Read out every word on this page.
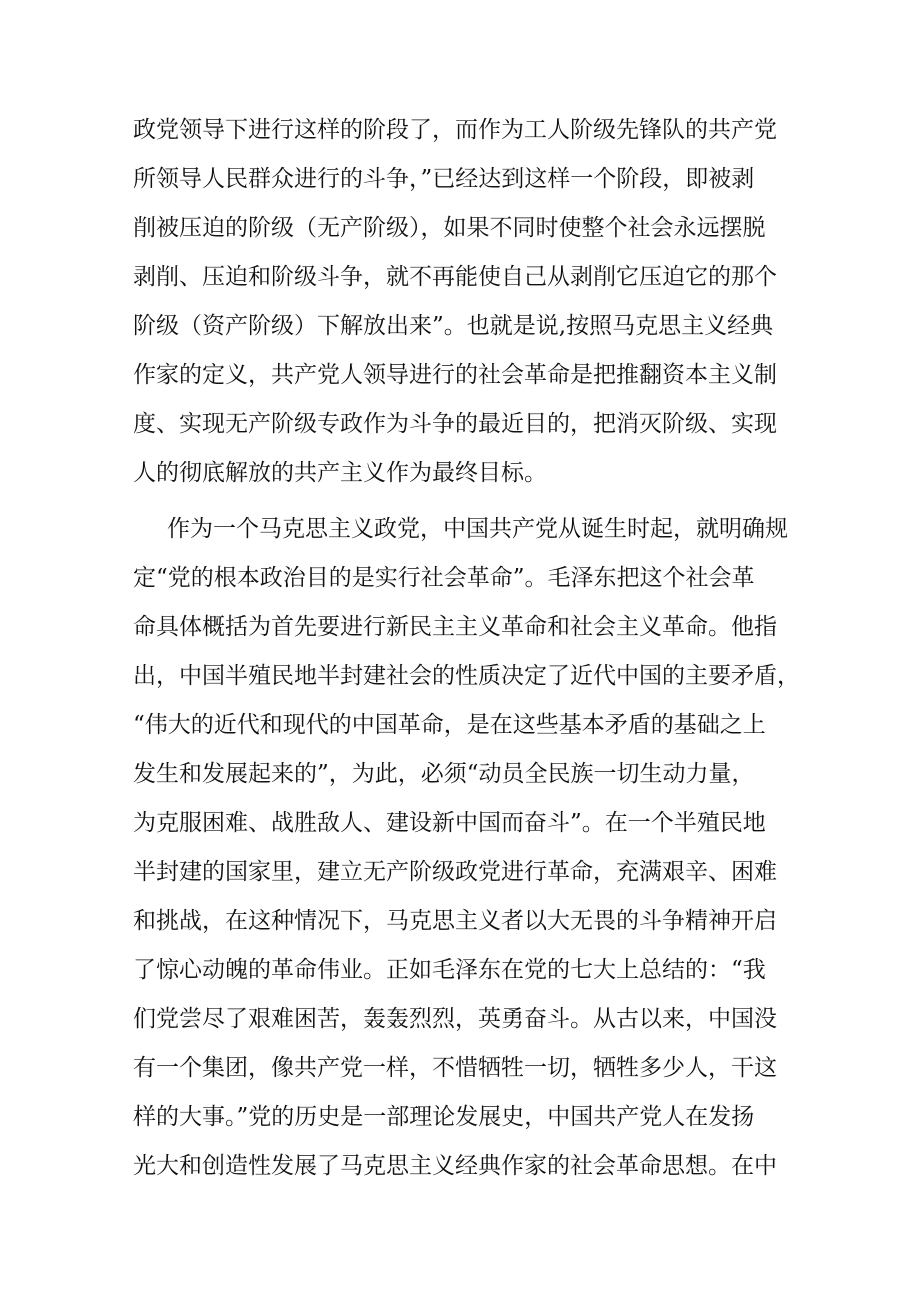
政党领导下进行这样的阶段了，而作为工人阶级先锋队的共产党
所领导人民群众进行的斗争，”已经达到这样一个阶段，即被剥
削被压迫的阶级（无产阶级），如果不同时使整个社会永远摆脱
剥削、压迫和阶级斗争，就不再能使自己从剥削它压迫它的那个
阶级（资产阶级）下解放出来”。也就是说,按照马克思主义经典
作家的定义，共产党人领导进行的社会革命是把推翻资本主义制
度、实现无产阶级专政作为斗争的最近目的，把消灭阶级、实现
人的彻底解放的共产主义作为最终目标。
作为一个马克思主义政党，中国共产党从诞生时起，就明确规
定“党的根本政治目的是实行社会革命”。毛泽东把这个社会革
命具体概括为首先要进行新民主主义革命和社会主义革命。他指
出，中国半殖民地半封建社会的性质决定了近代中国的主要矛盾，
“伟大的近代和现代的中国革命，是在这些基本矛盾的基础之上
发生和发展起来的”，为此，必须“动员全民族一切生动力量，
为克服困难、战胜敌人、建设新中国而奋斗”。在一个半殖民地
半封建的国家里，建立无产阶级政党进行革命，充满艰辛、困难
和挑战，在这种情况下，马克思主义者以大无畏的斗争精神开启
了惊心动魄的革命伟业。正如毛泽东在党的七大上总结的：“我
们党尝尽了艰难困苦，轰轰烈烈，英勇奋斗。从古以来，中国没
有一个集团，像共产党一样，不惜牺牲一切，牺牲多少人，干这
样的大事。”党的历史是一部理论发展史，中国共产党人在发扬
光大和创造性发展了马克思主义经典作家的社会革命思想。在中
